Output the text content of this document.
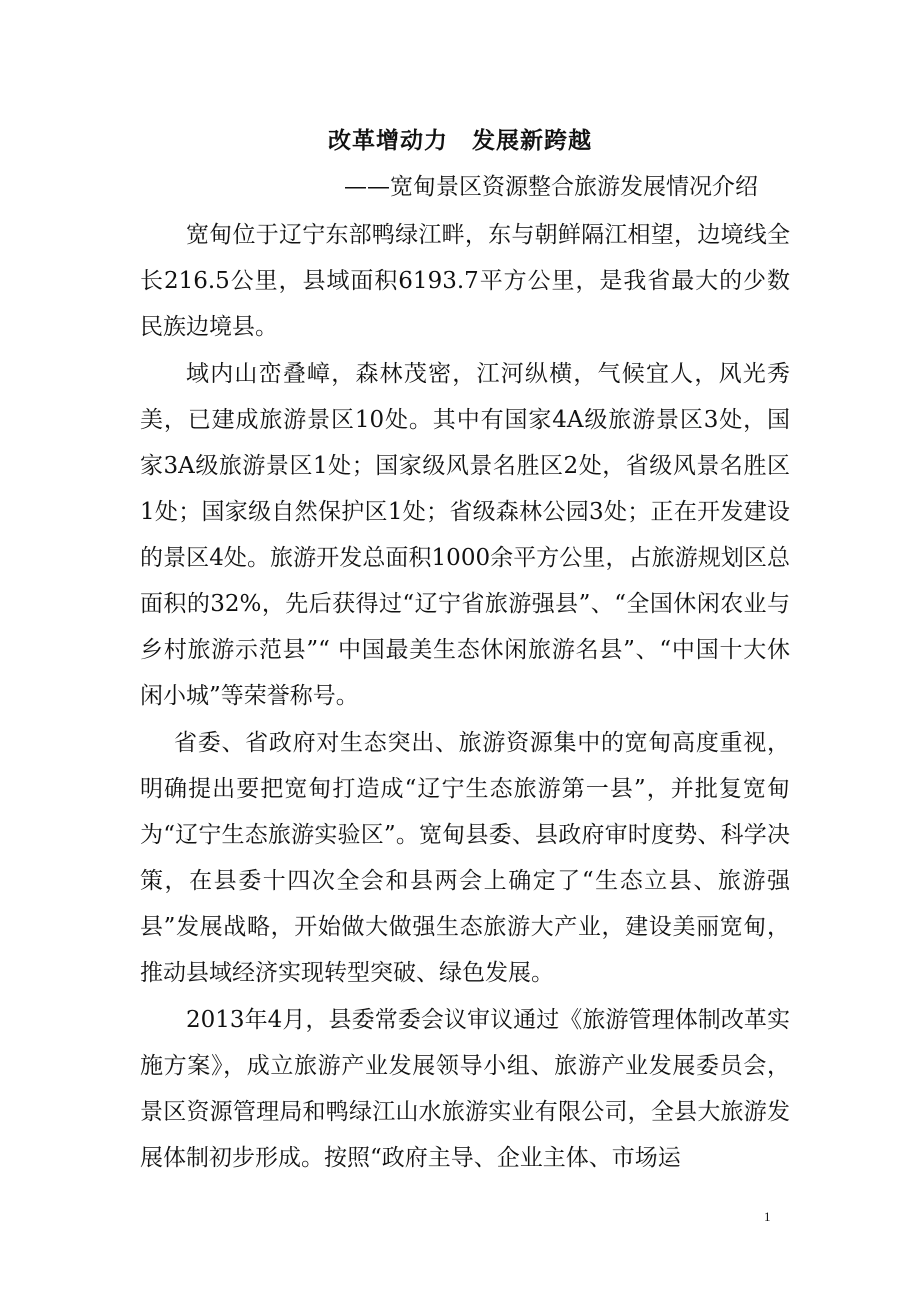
改革增动力　发展新跨越
——宽甸景区资源整合旅游发展情况介绍

宽甸位于辽宁东部鸭绿江畔，东与朝鲜隔江相望，边境线全长216.5公里，县域面积6193.7平方公里，是我省最大的少数民族边境县。

域内山峦叠嶂，森林茂密，江河纵横，气候宜人，风光秀美，已建成旅游景区10处。其中有国家4A级旅游景区3处，国家3A级旅游景区1处；国家级风景名胜区2处，省级风景名胜区1处；国家级自然保护区1处；省级森林公园3处；正在开发建设的景区4处。旅游开发总面积1000余平方公里，占旅游规划区总面积的32%，先后获得过“辽宁省旅游强县”、“全国休闲农业与乡村旅游示范县”“ 中国最美生态休闲旅游名县”、“中国十大休闲小城”等荣誉称号。

省委、省政府对生态突出、旅游资源集中的宽甸高度重视，明确提出要把宽甸打造成“辽宁生态旅游第一县”，并批复宽甸为“辽宁生态旅游实验区”。宽甸县委、县政府审时度势、科学决策，在县委十四次全会和县两会上确定了“生态立县、旅游强县”发展战略，开始做大做强生态旅游大产业，建设美丽宽甸，推动县域经济实现转型突破、绿色发展。

2013年4月，县委常委会议审议通过《旅游管理体制改革实施方案》，成立旅游产业发展领导小组、旅游产业发展委员会，景区资源管理局和鸭绿江山水旅游实业有限公司，全县大旅游发展体制初步形成。按照“政府主导、企业主体、市场运

1
